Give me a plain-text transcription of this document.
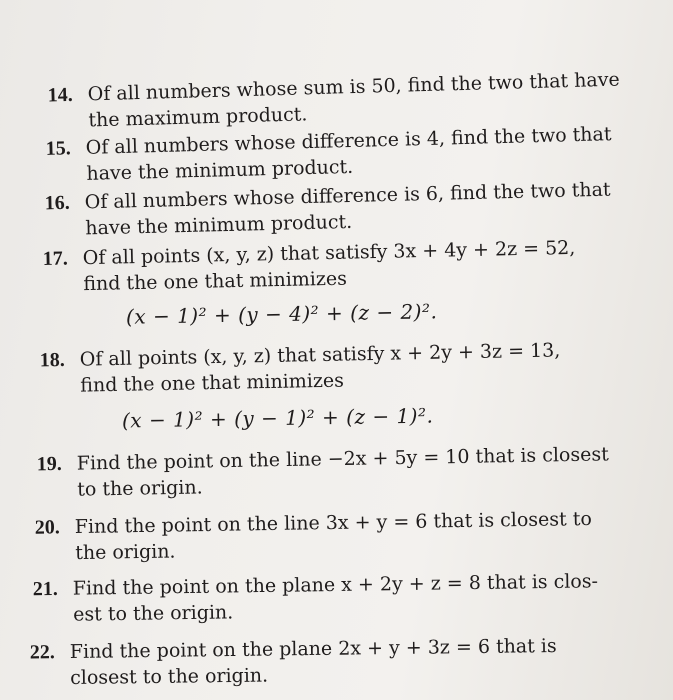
14. Of all numbers whose sum is 50, find the two that have
the maximum product.
15. Of all numbers whose difference is 4, find the two that
have the minimum product.
16. Of all numbers whose difference is 6, find the two that
have the minimum product.
17. Of all points (x, y, z) that satisfy 3x + 4y + 2z = 52,
find the one that minimizes
(x − 1)² + (y − 4)² + (z − 2)².
18. Of all points (x, y, z) that satisfy x + 2y + 3z = 13,
find the one that minimizes
(x − 1)² + (y − 1)² + (z − 1)².
19. Find the point on the line −2x + 5y = 10 that is closest
to the origin.
20. Find the point on the line 3x + y = 6 that is closest to
the origin.
21. Find the point on the plane x + 2y + z = 8 that is clos-
est to the origin.
22. Find the point on the plane 2x + y + 3z = 6 that is
closest to the origin.
